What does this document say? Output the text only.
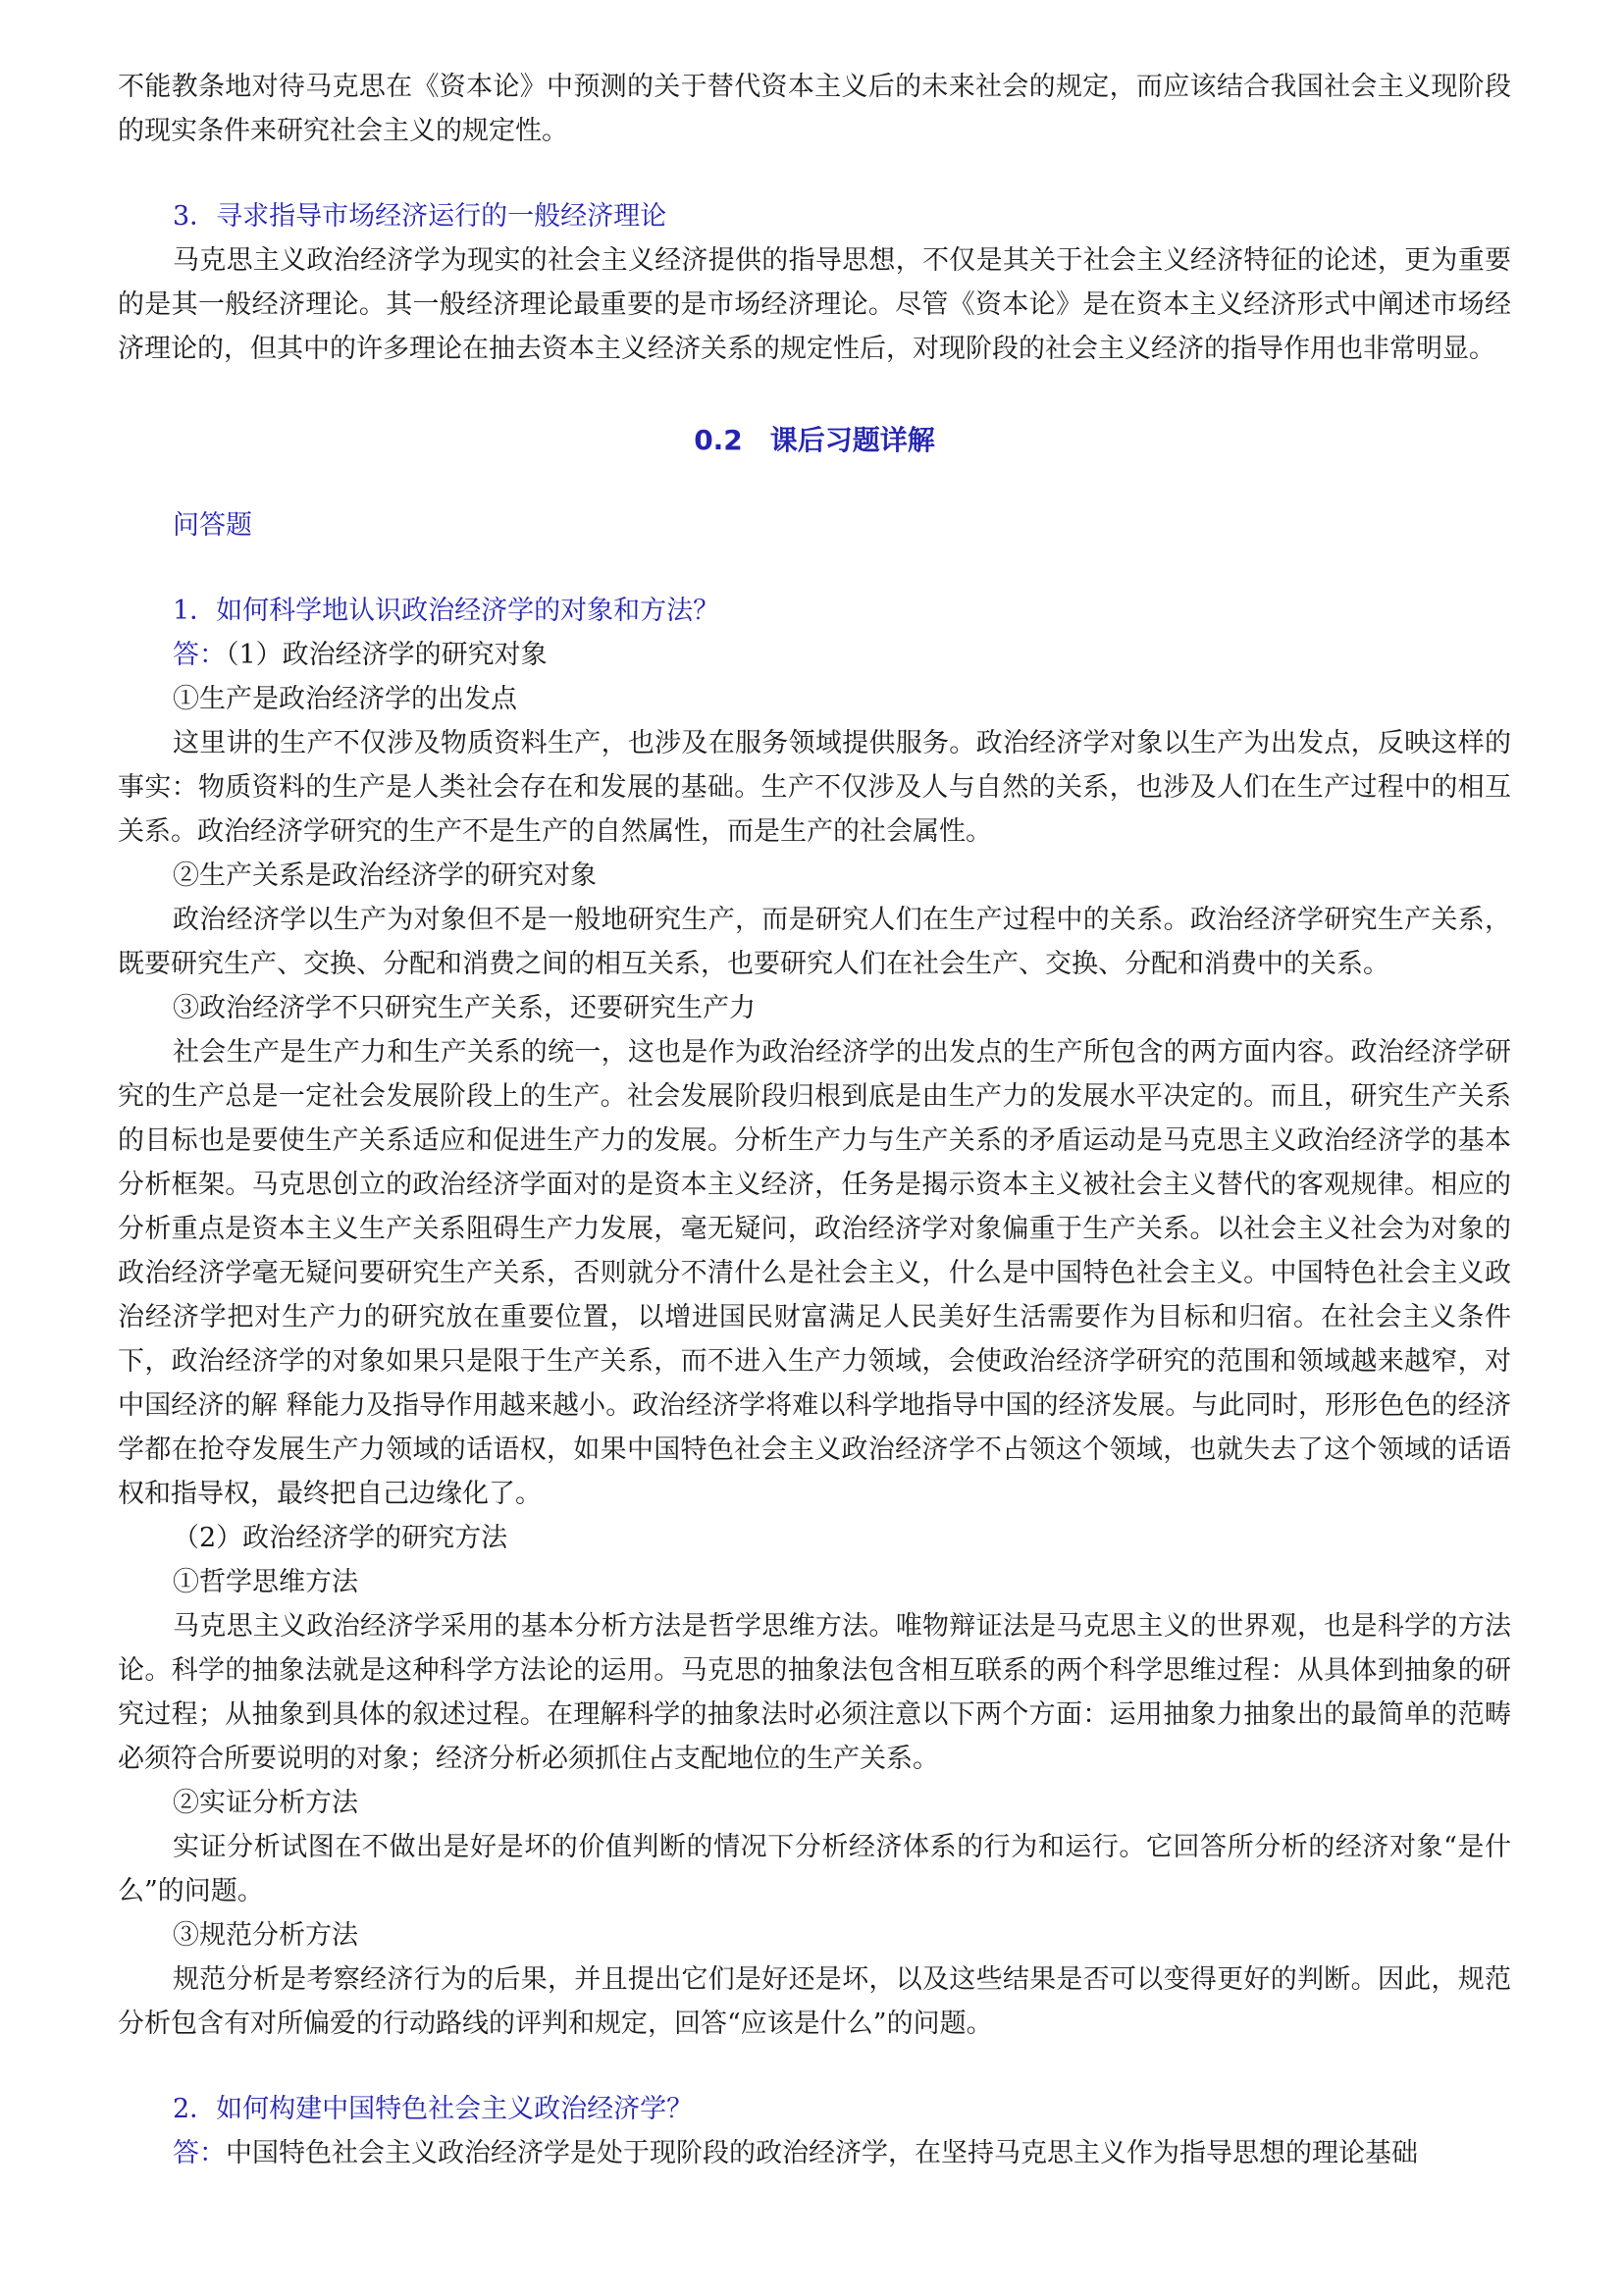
不能教条地对待马克思在《资本论》中预测的关于替代资本主义后的未来社会的规定，而应该结合我国社会主义现阶段的现实条件来研究社会主义的规定性。

3．寻求指导市场经济运行的一般经济理论

马克思主义政治经济学为现实的社会主义经济提供的指导思想，不仅是其关于社会主义经济特征的论述，更为重要的是其一般经济理论。其一般经济理论最重要的是市场经济理论。尽管《资本论》是在资本主义经济形式中阐述市场经济理论的，但其中的许多理论在抽去资本主义经济关系的规定性后，对现阶段的社会主义经济的指导作用也非常明显。

0.2　课后习题详解

问答题

1．如何科学地认识政治经济学的对象和方法？

答：（1）政治经济学的研究对象

①生产是政治经济学的出发点

这里讲的生产不仅涉及物质资料生产，也涉及在服务领域提供服务。政治经济学对象以生产为出发点，反映这样的事实：物质资料的生产是人类社会存在和发展的基础。生产不仅涉及人与自然的关系，也涉及人们在生产过程中的相互关系。政治经济学研究的生产不是生产的自然属性，而是生产的社会属性。

②生产关系是政治经济学的研究对象

政治经济学以生产为对象但不是一般地研究生产，而是研究人们在生产过程中的关系。政治经济学研究生产关系，既要研究生产、交换、分配和消费之间的相互关系，也要研究人们在社会生产、交换、分配和消费中的关系。

③政治经济学不只研究生产关系，还要研究生产力

社会生产是生产力和生产关系的统一，这也是作为政治经济学的出发点的生产所包含的两方面内容。政治经济学研究的生产总是一定社会发展阶段上的生产。社会发展阶段归根到底是由生产力的发展水平决定的。而且，研究生产关系的目标也是要使生产关系适应和促进生产力的发展。分析生产力与生产关系的矛盾运动是马克思主义政治经济学的基本分析框架。马克思创立的政治经济学面对的是资本主义经济，任务是揭示资本主义被社会主义替代的客观规律。相应的分析重点是资本主义生产关系阻碍生产力发展，毫无疑问，政治经济学对象偏重于生产关系。以社会主义社会为对象的政治经济学毫无疑问要研究生产关系，否则就分不清什么是社会主义，什么是中国特色社会主义。中国特色社会主义政治经济学把对生产力的研究放在重要位置，以增进国民财富满足人民美好生活需要作为目标和归宿。在社会主义条件下，政治经济学的对象如果只是限于生产关系，而不进入生产力领域，会使政治经济学研究的范围和领域越来越窄，对中国经济的解 释能力及指导作用越来越小。政治经济学将难以科学地指导中国的经济发展。与此同时，形形色色的经济学都在抢夺发展生产力领域的话语权，如果中国特色社会主义政治经济学不占领这个领域，也就失去了这个领域的话语权和指导权，最终把自己边缘化了。

（2）政治经济学的研究方法

①哲学思维方法

马克思主义政治经济学采用的基本分析方法是哲学思维方法。唯物辩证法是马克思主义的世界观，也是科学的方法论。科学的抽象法就是这种科学方法论的运用。马克思的抽象法包含相互联系的两个科学思维过程：从具体到抽象的研究过程；从抽象到具体的叙述过程。在理解科学的抽象法时必须注意以下两个方面：运用抽象力抽象出的最简单的范畴必须符合所要说明的对象；经济分析必须抓住占支配地位的生产关系。

②实证分析方法

实证分析试图在不做出是好是坏的价值判断的情况下分析经济体系的行为和运行。它回答所分析的经济对象“是什么”的问题。

③规范分析方法

规范分析是考察经济行为的后果，并且提出它们是好还是坏，以及这些结果是否可以变得更好的判断。因此，规范分析包含有对所偏爱的行动路线的评判和规定，回答“应该是什么”的问题。

2．如何构建中国特色社会主义政治经济学？

答：中国特色社会主义政治经济学是处于现阶段的政治经济学，在坚持马克思主义作为指导思想的理论基础
